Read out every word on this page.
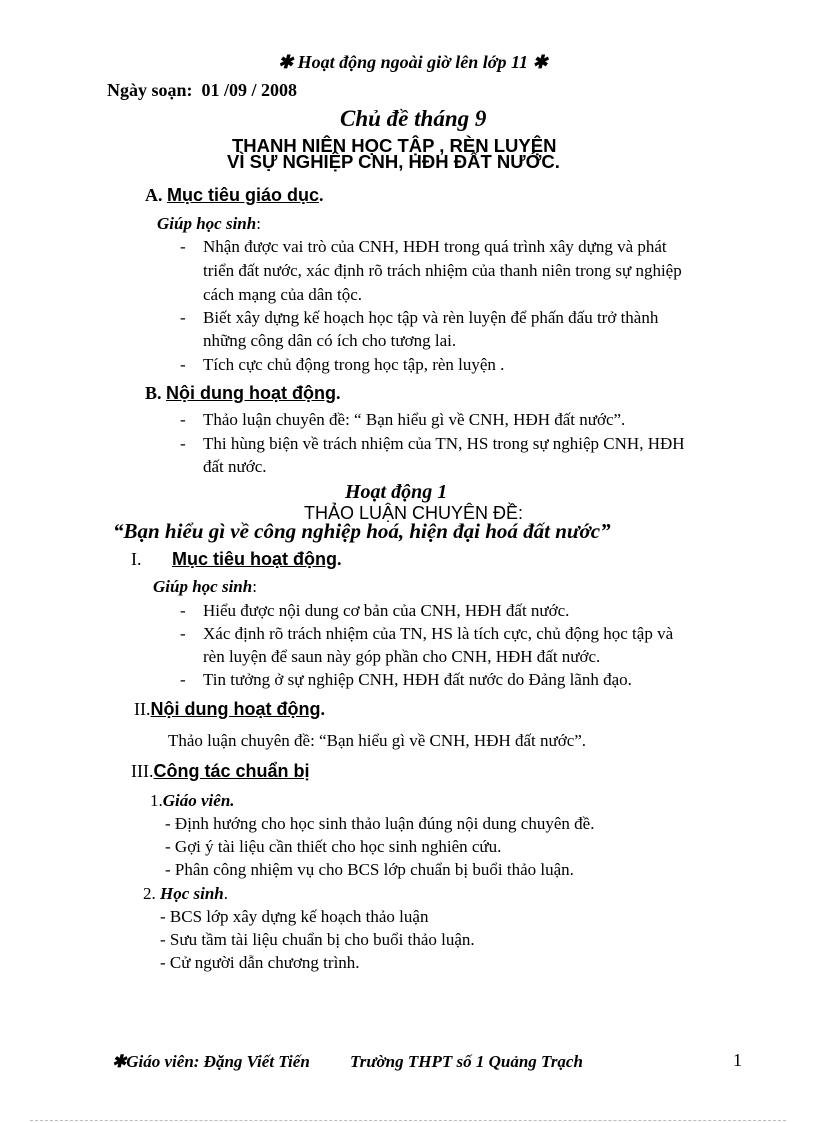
✱ Hoạt động ngoài giờ lên lớp 11 ✱
Ngày soạn: 01 /09 / 2008
Chủ đề tháng 9
THANH NIÊN HỌC TẬP , RÈN LUYỆN
VÌ SỰ NGHIỆP CNH, HĐH ĐẤT NƯỚC.
A. Mục tiêu giáo dục.
Giúp học sinh:
- Nhận được vai trò của CNH, HĐH trong quá trình xây dựng và phát
triển đất nước, xác định rõ trách nhiệm của thanh niên trong sự nghiệp
cách mạng của dân tộc.
- Biết xây dựng kế hoạch học tập và rèn luyện để phấn đấu trở thành
những công dân có ích cho tương lai.
- Tích cực chủ động trong học tập, rèn luyện .
B. Nội dung hoạt động.
- Thảo luận chuyên đề: “ Bạn hiểu gì về CNH, HĐH đất nước”.
- Thi hùng biện về trách nhiệm của TN, HS trong sự nghiệp CNH, HĐH
đất nước.
Hoạt động 1
THẢO LUẬN CHUYÊN ĐỀ:
“Bạn hiểu gì về công nghiệp hoá, hiện đại hoá đất nước”
I. Mục tiêu hoạt động.
Giúp học sinh:
- Hiểu được nội dung cơ bản của CNH, HĐH đất nước.
- Xác định rõ trách nhiệm của TN, HS là tích cực, chủ động học tập và
rèn luyện để saun này góp phần cho CNH, HĐH đất nước.
- Tin tưởng ở sự nghiệp CNH, HĐH đất nước do Đảng lãnh đạo.
II.Nội dung hoạt động.
Thảo luận chuyên đề: “Bạn hiểu gì về CNH, HĐH đất nước”.
III.Công tác chuẩn bị
1.Giáo viên.
- Định hướng cho học sinh thảo luận đúng nội dung chuyên đề.
- Gợi ý tài liệu cần thiết cho học sinh nghiên cứu.
- Phân công nhiệm vụ cho BCS lớp chuẩn bị buổi thảo luận.
2. Học sinh.
- BCS lớp xây dựng kế hoạch thảo luận
- Sưu tầm tài liệu chuẩn bị cho buổi thảo luận.
- Cử người dẫn chương trình.
✱Giáo viên: Đặng Viết Tiến Trường THPT số 1 Quảng Trạch	1
